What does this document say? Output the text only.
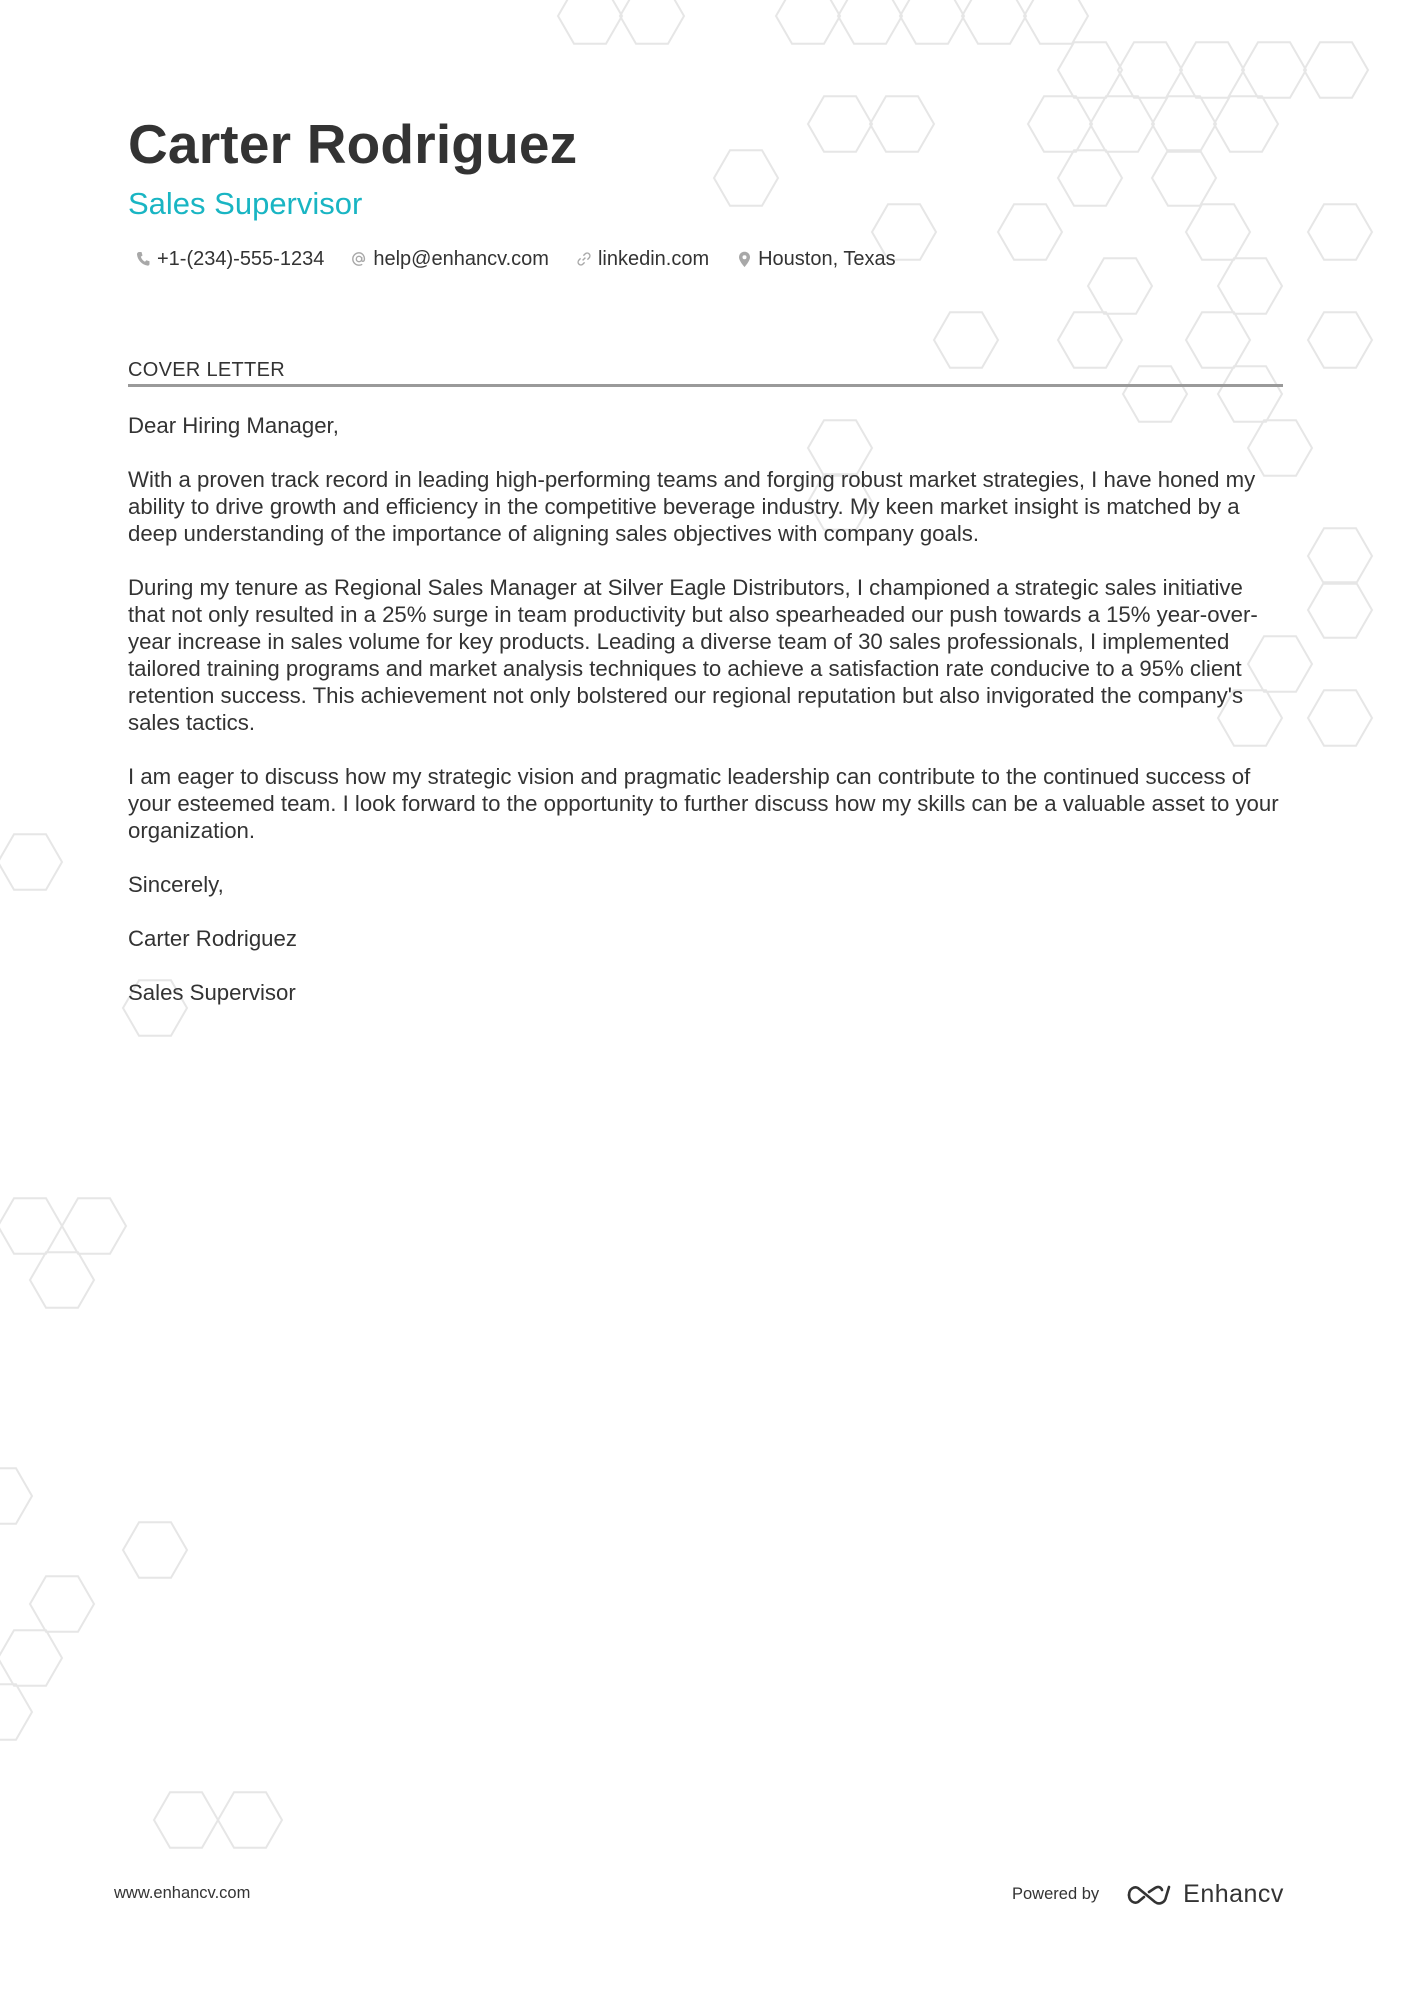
Carter Rodriguez
Sales Supervisor
+1-(234)-555-1234 help@enhancv.com linkedin.com Houston, Texas
COVER LETTER

Dear Hiring Manager,

With a proven track record in leading high-performing teams and forging robust market strategies, I have honed my ability to drive growth and efficiency in the competitive beverage industry. My keen market insight is matched by a deep understanding of the importance of aligning sales objectives with company goals.

During my tenure as Regional Sales Manager at Silver Eagle Distributors, I championed a strategic sales initiative that not only resulted in a 25% surge in team productivity but also spearheaded our push towards a 15% year-over-year increase in sales volume for key products. Leading a diverse team of 30 sales professionals, I implemented tailored training programs and market analysis techniques to achieve a satisfaction rate conducive to a 95% client retention success. This achievement not only bolstered our regional reputation but also invigorated the company's sales tactics.

I am eager to discuss how my strategic vision and pragmatic leadership can contribute to the continued success of your esteemed team. I look forward to the opportunity to further discuss how my skills can be a valuable asset to your organization.

Sincerely,

Carter Rodriguez

Sales Supervisor

www.enhancv.com	Powered by	Enhancv
